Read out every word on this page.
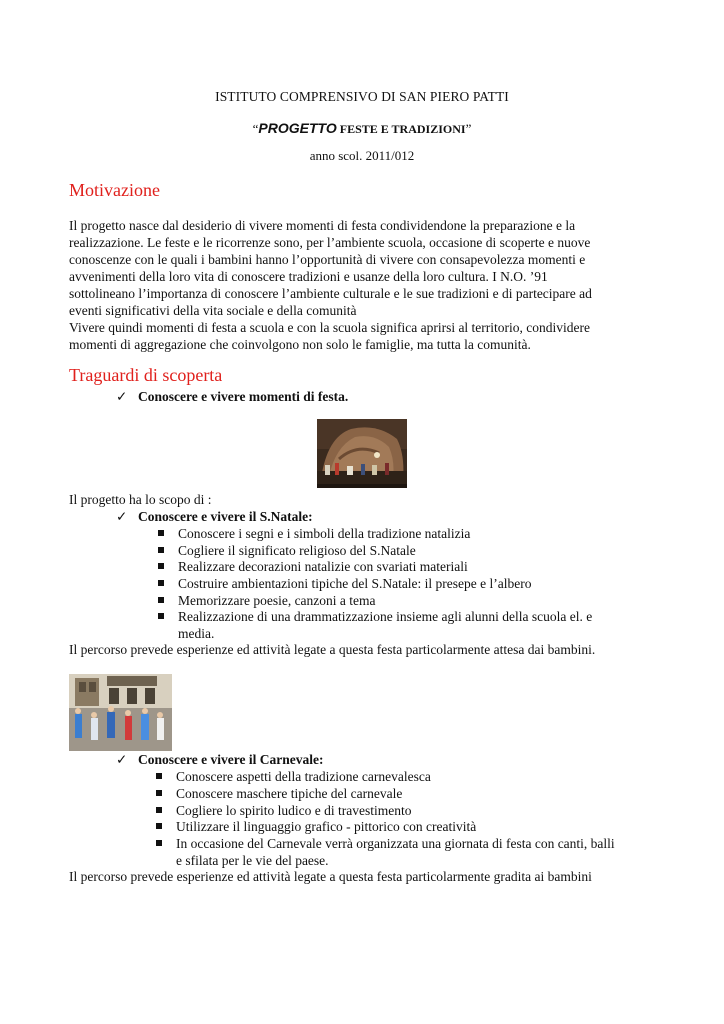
ISTITUTO COMPRENSIVO DI SAN PIERO PATTI
“PROGETTO FESTE E TRADIZIONI”
anno scol. 2011/012
Motivazione
Il progetto nasce dal desiderio di vivere momenti di festa condividendone la preparazione e la
realizzazione. Le feste e le ricorrenze sono, per l’ambiente scuola, occasione di scoperte e nuove
conoscenze con le quali i bambini hanno l’opportunità di vivere con consapevolezza momenti e
avvenimenti della loro vita di conoscere tradizioni e usanze della loro cultura. I N.O. ’91
sottolineano l’importanza di conoscere l’ambiente culturale e le sue tradizioni e di partecipare ad
eventi significativi della vita sociale e della comunità
Vivere quindi momenti di festa a scuola e con la scuola significa aprirsi al territorio, condividere
momenti di aggregazione che coinvolgono non solo le famiglie, ma tutta la comunità.
Traguardi di scoperta
✓ Conoscere e vivere momenti di festa.
Il progetto ha lo scopo di :
✓ Conoscere e vivere il S.Natale:
Conoscere i segni e i simboli della tradizione natalizia
Cogliere il significato religioso del S.Natale
Realizzare decorazioni natalizie con svariati materiali
Costruire ambientazioni tipiche del S.Natale: il presepe e l’albero
Memorizzare poesie, canzoni a tema
Realizzazione di una drammatizzazione insieme agli alunni della scuola el. e
media.
Il percorso prevede esperienze ed attività legate a questa festa particolarmente attesa dai bambini.
✓ Conoscere e vivere il Carnevale:
Conoscere aspetti della tradizione carnevalesca
Conoscere maschere tipiche del carnevale
Cogliere lo spirito ludico e di travestimento
Utilizzare il linguaggio grafico - pittorico con creatività
In occasione del Carnevale verrà organizzata una giornata di festa con canti, balli
e sfilata per le vie del paese.
Il percorso prevede esperienze ed attività legate a questa festa particolarmente gradita ai bambini
